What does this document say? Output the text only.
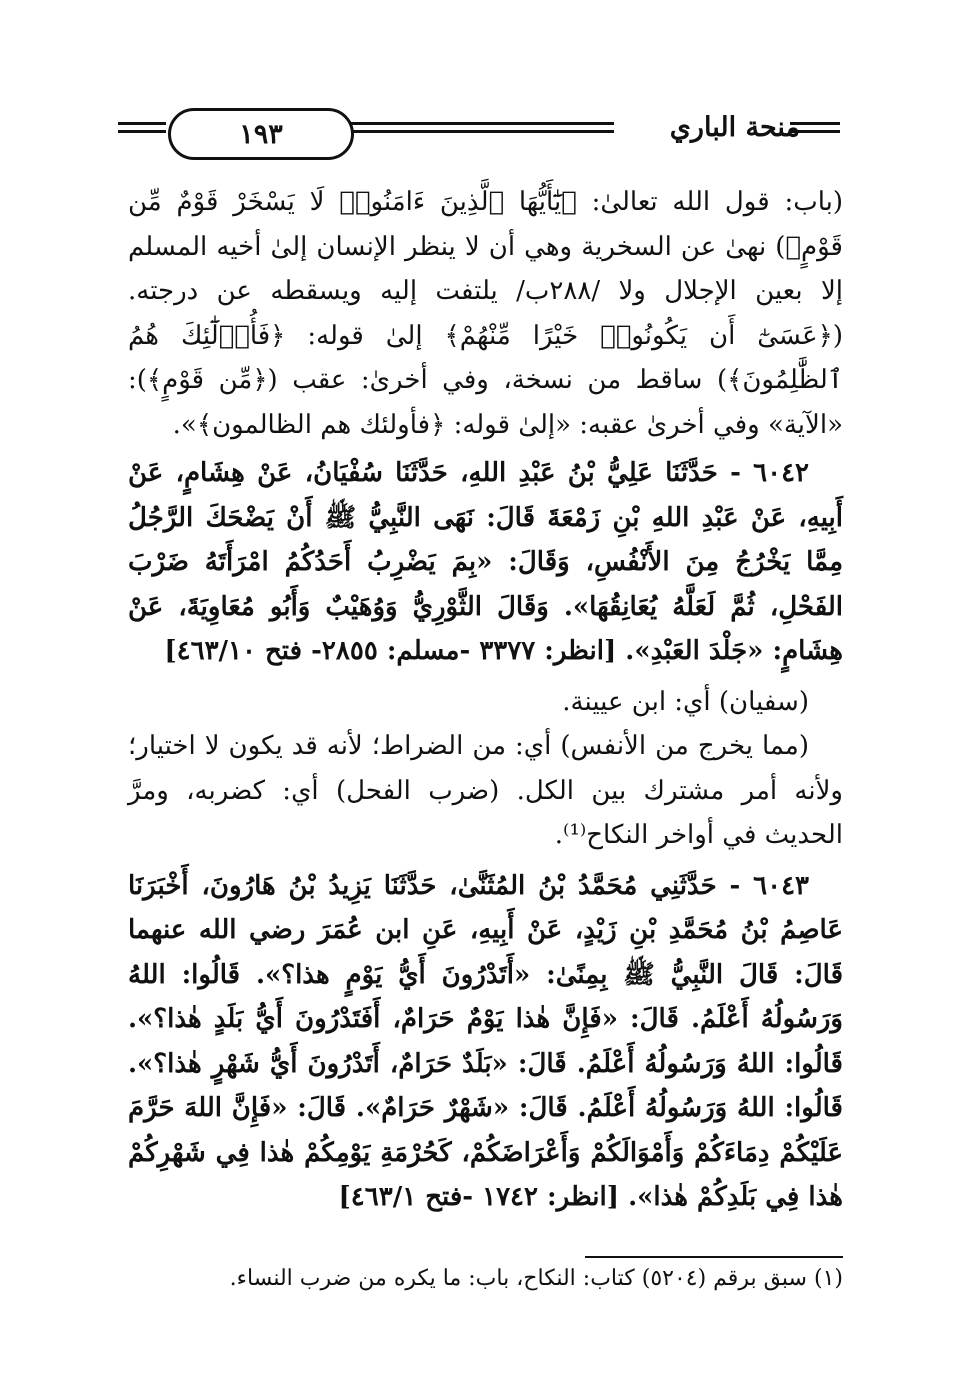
١٩٣	منحة الباري

(باب: قول الله تعالىٰ: ﴿يَٰٓأَيُّهَا ٱلَّذِينَ ءَامَنُوا۟ لَا يَسْخَرْ قَوْمٌ مِّن قَوْمٍ﴾) نهىٰ عن السخرية وهي أن لا ينظر الإنسان إلىٰ أخيه المسلم إلا بعين الإجلال ولا /٢٨٨ب/ يلتفت إليه ويسقطه عن درجته. (﴿عَسَىٰٓ أَن يَكُونُوا۟ خَيْرًا مِّنْهُمْ﴾ إلىٰ قوله: ﴿فَأُو۟لَٰٓئِكَ هُمُ ٱلظَّٰلِمُونَ﴾) ساقط من نسخة، وفي أخرىٰ: عقب (﴿مِّن قَوْمٍ﴾): «الآية» وفي أخرىٰ عقبه: «إلىٰ قوله: ﴿فأولئك هم الظالمون﴾».

٦٠٤٢ - حَدَّثَنَا عَلِيُّ بْنُ عَبْدِ اللهِ، حَدَّثَنَا سُفْيَانُ، عَنْ هِشَامٍ، عَنْ أَبِيهِ، عَنْ عَبْدِ اللهِ بْنِ زَمْعَةَ قَالَ: نَهَى النَّبِيُّ ﷺ أَنْ يَضْحَكَ الرَّجُلُ مِمَّا يَخْرُجُ مِنَ الأَنْفُسِ، وَقَالَ: «بِمَ يَضْرِبُ أَحَدُكُمُ امْرَأَتَهُ ضَرْبَ الفَحْلِ، ثُمَّ لَعَلَّهُ يُعَانِقُهَا». وَقَالَ الثَّوْرِيُّ وَوُهَيْبٌ وَأَبُو مُعَاوِيَةَ، عَنْ هِشَامٍ: «جَلْدَ العَبْدِ». [انظر: ٣٣٧٧ -مسلم: ٢٨٥٥- فتح ٤٦٣/١٠]

(سفيان) أي: ابن عيينة.

(مما يخرج من الأنفس) أي: من الضراط؛ لأنه قد يكون لا اختيار؛ ولأنه أمر مشترك بين الكل. (ضرب الفحل) أي: كضربه، ومرَّ الحديث في أواخر النكاح⁽¹⁾.

٦٠٤٣ - حَدَّثَنِي مُحَمَّدُ بْنُ المُثَنَّىٰ، حَدَّثَنَا يَزِيدُ بْنُ هَارُونَ، أَخْبَرَنَا عَاصِمُ بْنُ مُحَمَّدِ بْنِ زَيْدٍ، عَنْ أَبِيهِ، عَنِ ابن عُمَرَ رضي الله عنهما قَالَ: قَالَ النَّبِيُّ ﷺ بِمِنًىٰ: «أَتَدْرُونَ أَيُّ يَوْمٍ هذا؟». قَالُوا: اللهُ وَرَسُولُهُ أَعْلَمُ. قَالَ: «فَإِنَّ هٰذا يَوْمٌ حَرَامٌ، أَفَتَدْرُونَ أَيُّ بَلَدٍ هٰذا؟». قَالُوا: اللهُ وَرَسُولُهُ أَعْلَمُ. قَالَ: «بَلَدٌ حَرَامٌ، أَتَدْرُونَ أَيُّ شَهْرٍ هٰذا؟». قَالُوا: اللهُ وَرَسُولُهُ أَعْلَمُ. قَالَ: «شَهْرٌ حَرَامٌ». قَالَ: «فَإِنَّ اللهَ حَرَّمَ عَلَيْكُمْ دِمَاءَكُمْ وَأَمْوَالَكُمْ وَأَعْرَاضَكُمْ، كَحُرْمَةِ يَوْمِكُمْ هٰذا فِي شَهْرِكُمْ هٰذا فِي بَلَدِكُمْ هٰذا». [انظر: ١٧٤٢ -فتح ٤٦٣/١]

(١) سبق برقم (٥٢٠٤) كتاب: النكاح، باب: ما يكره من ضرب النساء.
